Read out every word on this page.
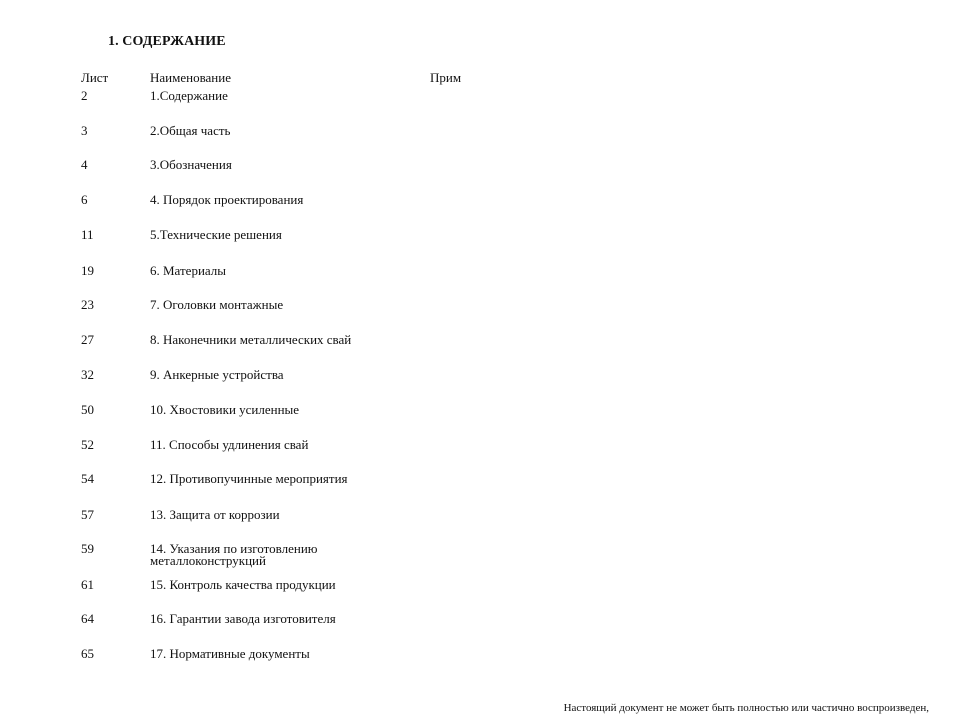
1. СОДЕРЖАНИЕ
Лист	Наименование	Прим
2	1.Содержание
3	2.Общая часть
4	3.Обозначения
6	4. Порядок проектирования
11	5.Технические решения
19	6. Материалы
23	7. Оголовки монтажные
27	8. Наконечники металлических свай
32	9. Анкерные устройства
50	10. Хвостовики усиленные
52	11. Способы удлинения свай
54	12. Противопучинные мероприятия
57	13. Защита от коррозии
59	14. Указания по изготовлению металлоконструкций
61	15. Контроль качества продукции
64	16. Гарантии завода изготовителя
65	17. Нормативные документы
Настоящий документ не может быть полностью или частично воспроизведен,
